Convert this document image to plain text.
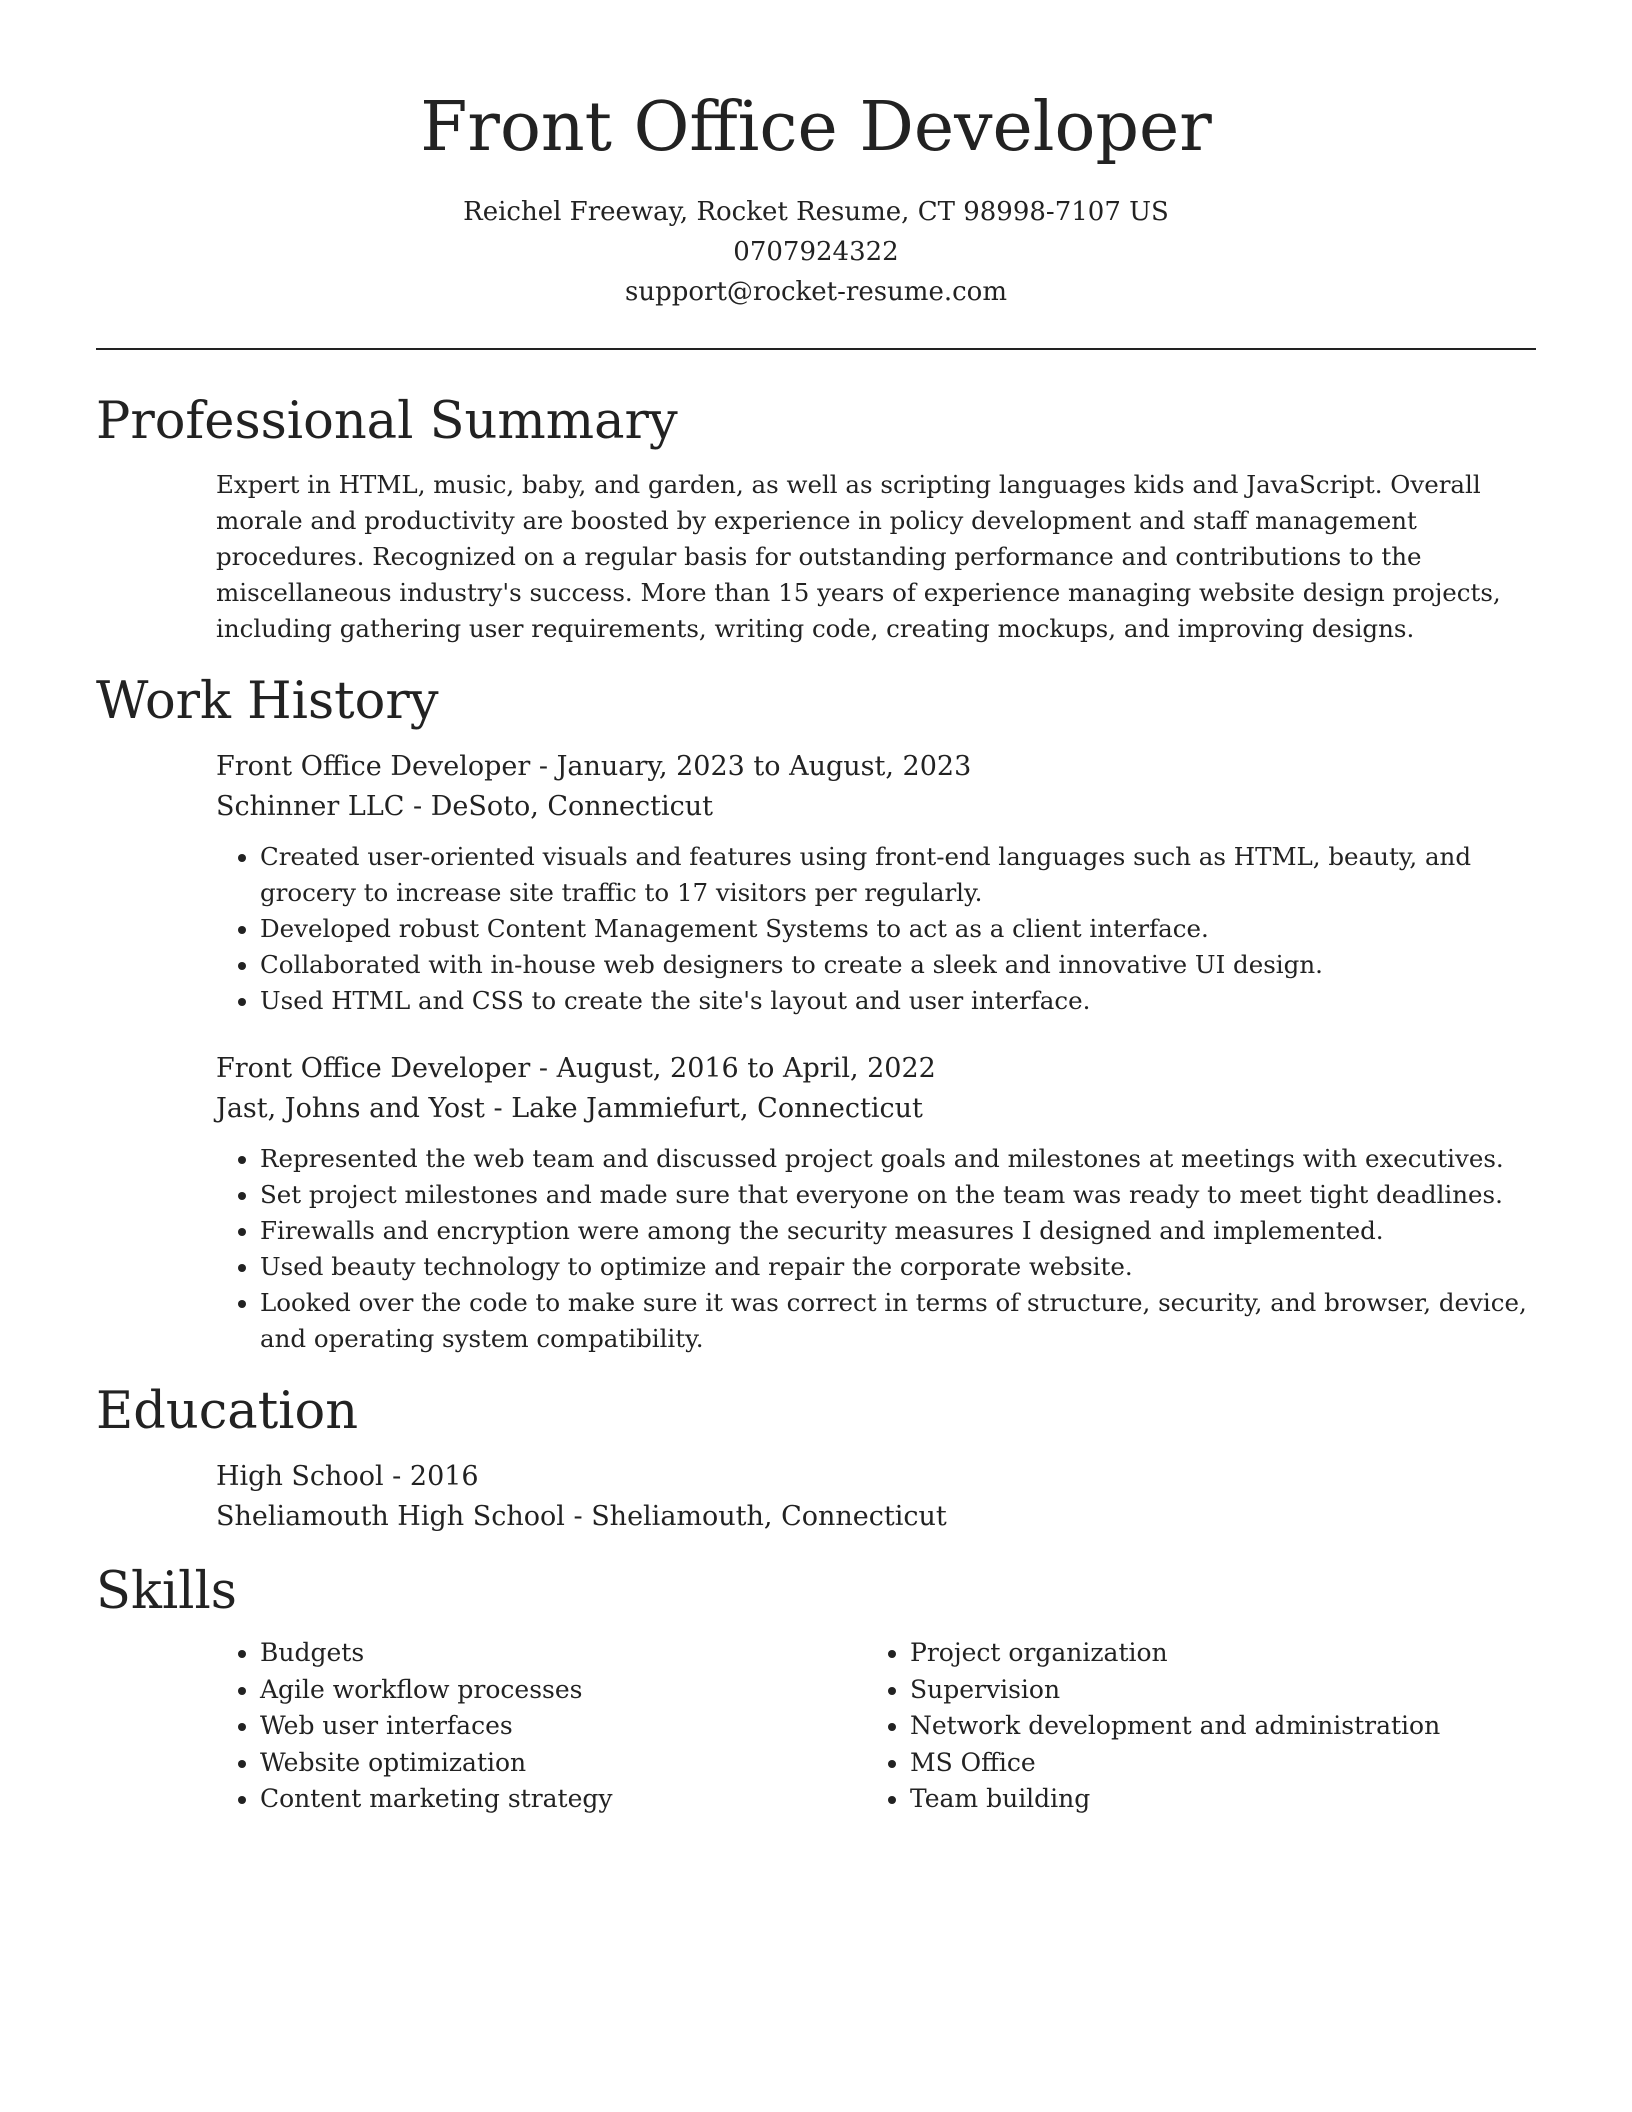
Front Office Developer

Reichel Freeway, Rocket Resume, CT 98998-7107 US

0707924322

support@rocket-resume.com

Professional Summary

Expert in HTML, music, baby, and garden, as well as scripting languages kids and JavaScript. Overall morale and productivity are boosted by experience in policy development and staff management procedures. Recognized on a regular basis for outstanding performance and contributions to the miscellaneous industry's success. More than 15 years of experience managing website design projects, including gathering user requirements, writing code, creating mockups, and improving designs.

Work History

Front Office Developer - January, 2023 to August, 2023

Schinner LLC - DeSoto, Connecticut

• Created user-oriented visuals and features using front-end languages such as HTML, beauty, and grocery to increase site traffic to 17 visitors per regularly.
• Developed robust Content Management Systems to act as a client interface.
• Collaborated with in-house web designers to create a sleek and innovative UI design.
• Used HTML and CSS to create the site's layout and user interface.

Front Office Developer - August, 2016 to April, 2022

Jast, Johns and Yost - Lake Jammiefurt, Connecticut

• Represented the web team and discussed project goals and milestones at meetings with executives.
• Set project milestones and made sure that everyone on the team was ready to meet tight deadlines.
• Firewalls and encryption were among the security measures I designed and implemented.
• Used beauty technology to optimize and repair the corporate website.
• Looked over the code to make sure it was correct in terms of structure, security, and browser, device, and operating system compatibility.
Education

High School - 2016

Sheliamouth High School - Sheliamouth, Connecticut

Skills
• Budgets
• Agile workflow processes
• Web user interfaces
• Website optimization
• Content marketing strategy
• Project organization
• Supervision
• Network development and administration
• MS Office
• Team building
